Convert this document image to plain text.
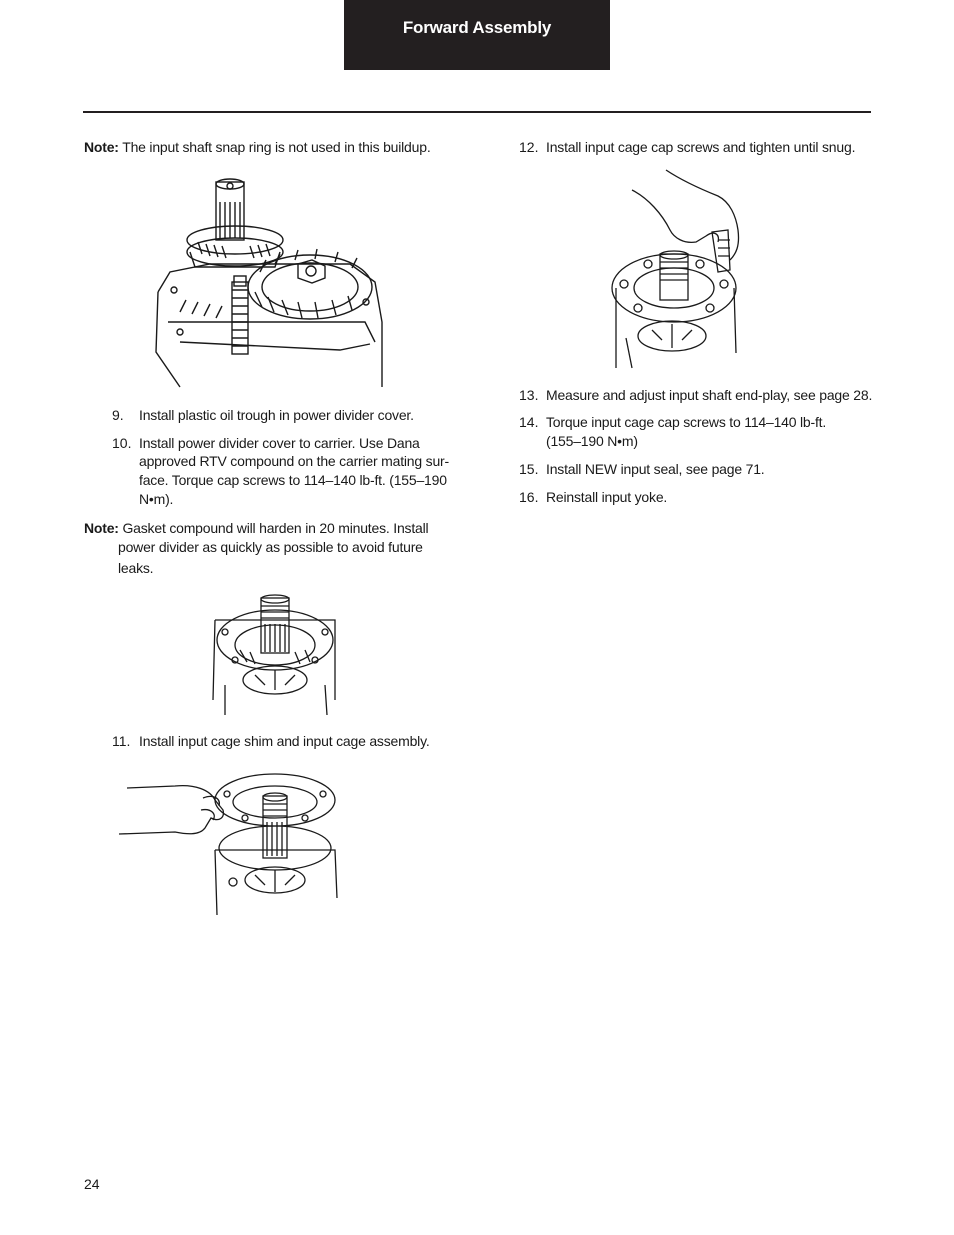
Forward Assembly
Note: The input shaft snap ring is not used in this buildup.
9. Install plastic oil trough in power divider cover.
10. Install power divider cover to carrier. Use Dana
approved RTV compound on the carrier mating sur-
face. Torque cap screws to 114–140 lb-ft. (155–190
N•m).
Note: Gasket compound will harden in 20 minutes. Install
power divider as quickly as possible to avoid future
leaks.
11. Install input cage shim and input cage assembly.
12. Install input cage cap screws and tighten until snug.
13. Measure and adjust input shaft end-play, see page 28.
14. Torque input cage cap screws to 114–140 lb-ft.
(155–190 N•m)
15. Install NEW input seal, see page 71.
16. Reinstall input yoke.
24
